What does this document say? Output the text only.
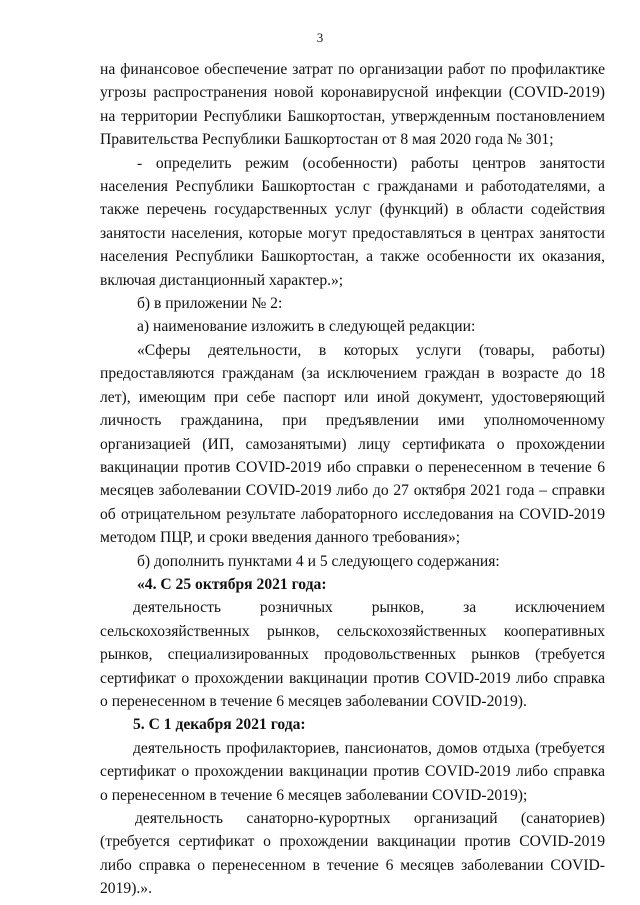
3

на финансовое обеспечение затрат по организации работ по профилактике угрозы распространения новой коронавирусной инфекции (COVID-2019) на территории Республики Башкортостан, утвержденным постановлением Правительства Республики Башкортостан от 8 мая 2020 года № 301;

- определить режим (особенности) работы центров занятости населения Республики Башкортостан с гражданами и работодателями, а также перечень государственных услуг (функций) в области содействия занятости населения, которые могут предоставляться в центрах занятости населения Республики Башкортостан, а также особенности их оказания, включая дистанционный характер.»;

б) в приложении № 2:

а) наименование изложить в следующей редакции:

«Сферы деятельности, в которых услуги (товары, работы) предоставляются гражданам (за исключением граждан в возрасте до 18 лет), имеющим при себе паспорт или иной документ, удостоверяющий личность гражданина, при предъявлении ими уполномоченному организацией (ИП, самозанятыми) лицу сертификата о прохождении вакцинации против COVID-2019 ибо справки о перенесенном в течение 6 месяцев заболевании COVID-2019 либо до 27 октября 2021 года – справки об отрицательном результате лабораторного исследования на COVID-2019 методом ПЦР, и сроки введения данного требования»;

б) дополнить пунктами 4 и 5 следующего содержания:

«4. С 25 октября 2021 года:

деятельность розничных рынков, за исключением сельскохозяйственных рынков, сельскохозяйственных кооперативных рынков, специализированных продовольственных рынков (требуется сертификат о прохождении вакцинации против COVID-2019 либо справка о перенесенном в течение 6 месяцев заболевании COVID-2019).

5. С 1 декабря 2021 года:

деятельность профилакториев, пансионатов, домов отдыха (требуется сертификат о прохождении вакцинации против COVID-2019 либо справка о перенесенном в течение 6 месяцев заболевании COVID-2019);

деятельность санаторно-курортных организаций (санаториев) (требуется сертификат о прохождении вакцинации против COVID-2019 либо справка о перенесенном в течение 6 месяцев заболевании COVID-2019).».
